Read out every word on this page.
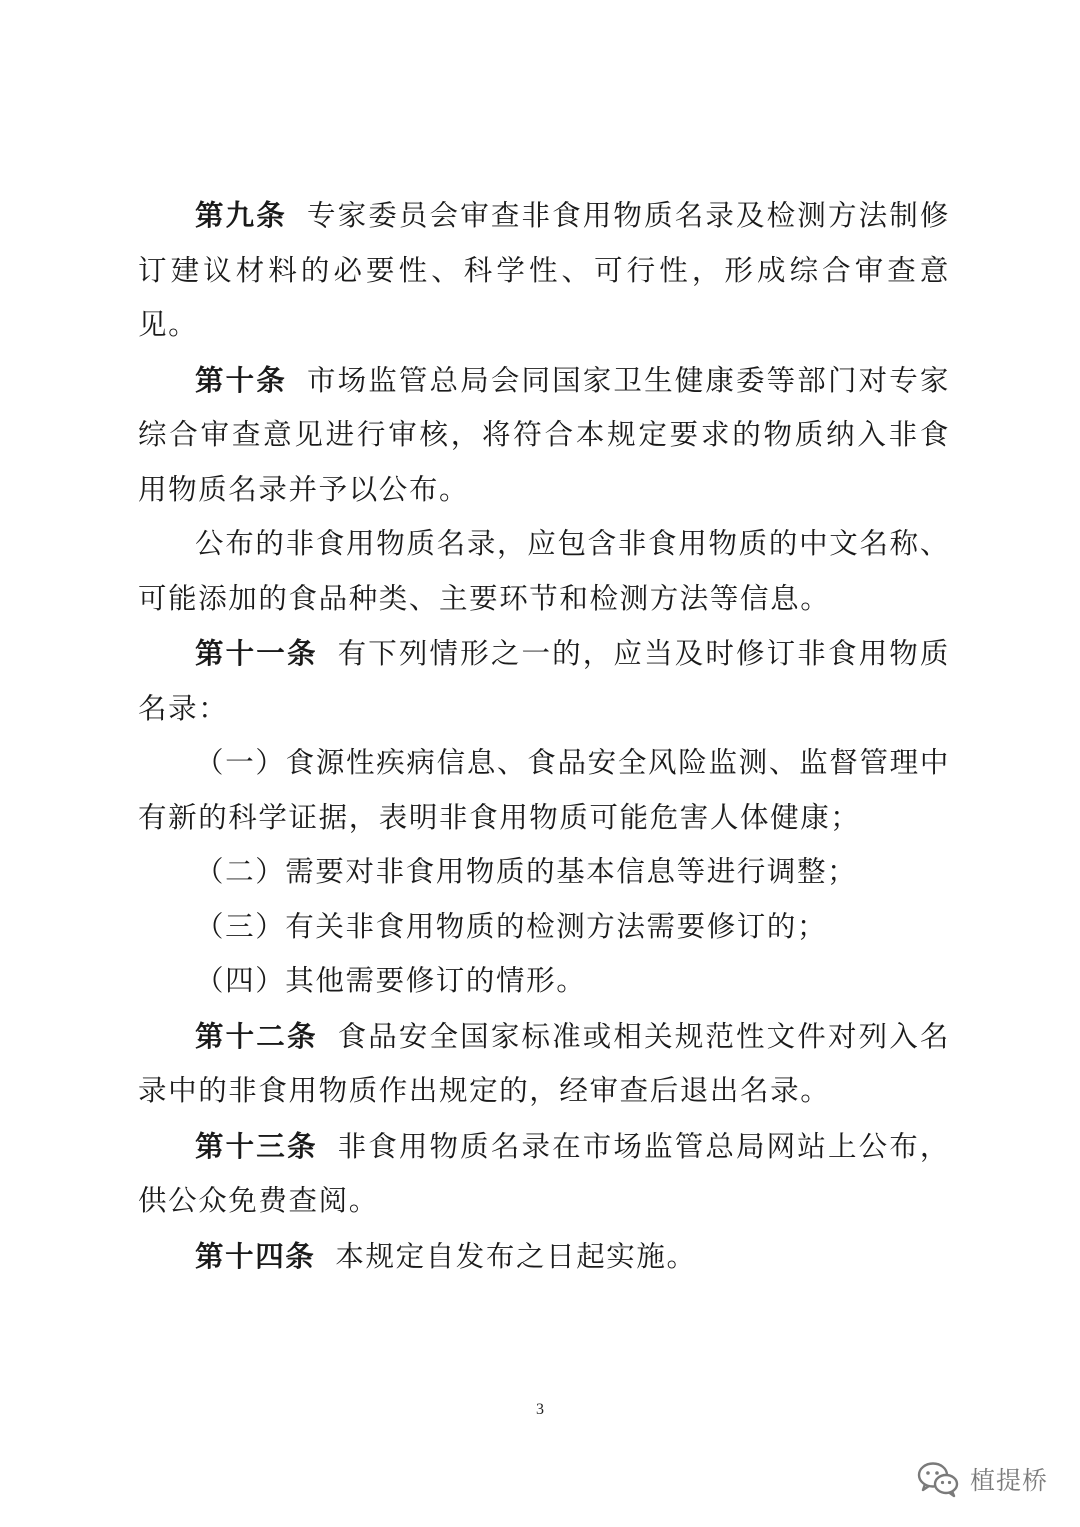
第九条 专家委员会审查非食用物质名录及检测方法制修订建议材料的必要性、科学性、可行性，形成综合审查意见。

第十条 市场监管总局会同国家卫生健康委等部门对专家综合审查意见进行审核，将符合本规定要求的物质纳入非食用物质名录并予以公布。

公布的非食用物质名录，应包含非食用物质的中文名称、可能添加的食品种类、主要环节和检测方法等信息。

第十一条 有下列情形之一的，应当及时修订非食用物质名录：

（一）食源性疾病信息、食品安全风险监测、监督管理中有新的科学证据，表明非食用物质可能危害人体健康；

（二）需要对非食用物质的基本信息等进行调整；

（三）有关非食用物质的检测方法需要修订的；

（四）其他需要修订的情形。

第十二条 食品安全国家标准或相关规范性文件对列入名录中的非食用物质作出规定的，经审查后退出名录。

第十三条 非食用物质名录在市场监管总局网站上公布，供公众免费查阅。

第十四条 本规定自发布之日起实施。

3
植提桥
